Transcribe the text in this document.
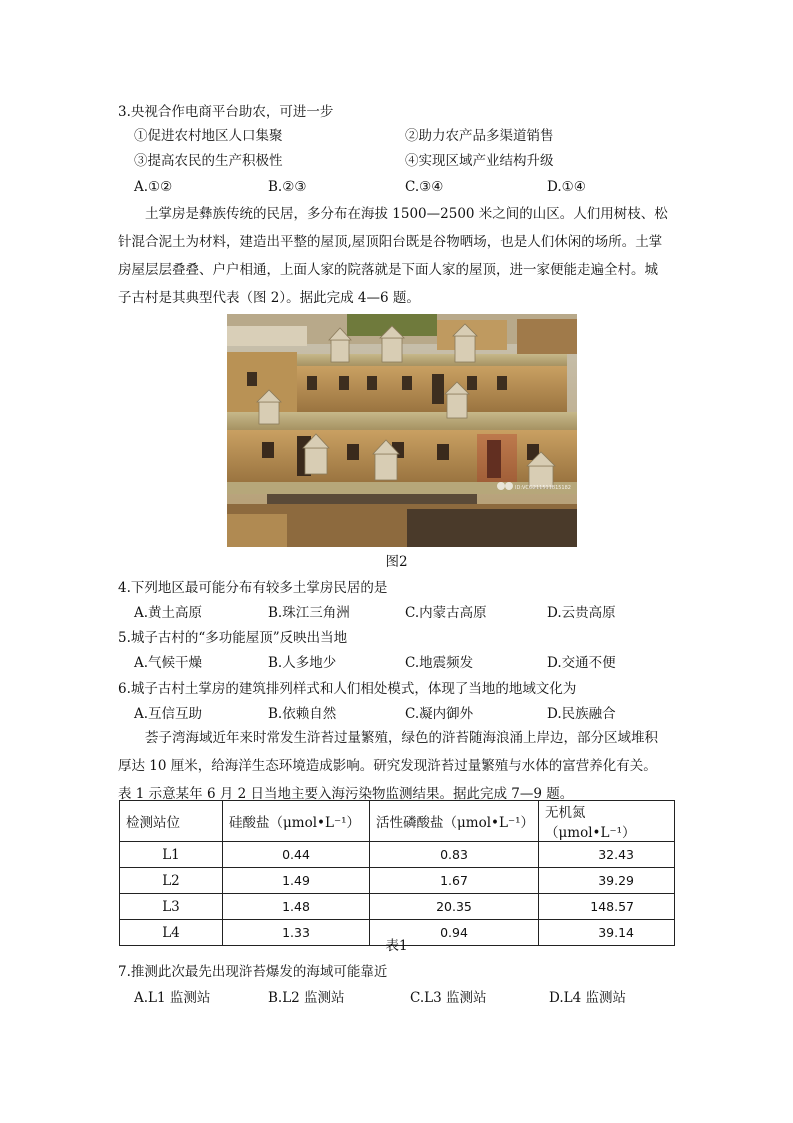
3.央视合作电商平台助农，可进一步
①促进农村地区人口集聚	②助力农产品多渠道销售
③提高农民的生产积极性	④实现区域产业结构升级
A.①②	B.②③	C.③④	D.①④
土掌房是彝族传统的民居，多分布在海拔 1500—2500 米之间的山区。人们用树枝、松
针混合泥土为材料，建造出平整的屋顶,屋顶阳台既是谷物晒场，也是人们休闲的场所。土掌
房屋层层叠叠、户户相通，上面人家的院落就是下面人家的屋顶，进一家便能走遍全村。城
子古村是其典型代表（图 2）。据此完成 4—6 题。
ID:VCG211511815182
图2
4.下列地区最可能分布有较多土掌房民居的是
A.黄土高原	B.珠江三角洲	C.内蒙古高原	D.云贵高原
5.城子古村的“多功能屋顶”反映出当地
A.气候干燥	B.人多地少	C.地震频发	D.交通不便
6.城子古村土掌房的建筑排列样式和人们相处模式，体现了当地的地域文化为
A.互信互助	B.依赖自然	C.凝内御外	D.民族融合
荟子湾海域近年来时常发生浒苔过量繁殖，绿色的浒苔随海浪涌上岸边，部分区域堆积
厚达 10 厘米，给海洋生态环境造成影响。研究发现浒苔过量繁殖与水体的富营养化有关。
表 1 示意某年 6 月 2 日当地主要入海污染物监测结果。据此完成 7—9 题。
检测站位	硅酸盐（μmol•L⁻¹）	活性磷酸盐（μmol•L⁻¹）	无机氮（μmol•L⁻¹）
L1	0.44	0.83	32.43
L2	1.49	1.67	39.29
L3	1.48	20.35	148.57
L4	1.33	0.94	39.14
表1
7.推测此次最先出现浒苔爆发的海域可能靠近
A.L1 监测站	B.L2 监测站	C.L3 监测站	D.L4 监测站
